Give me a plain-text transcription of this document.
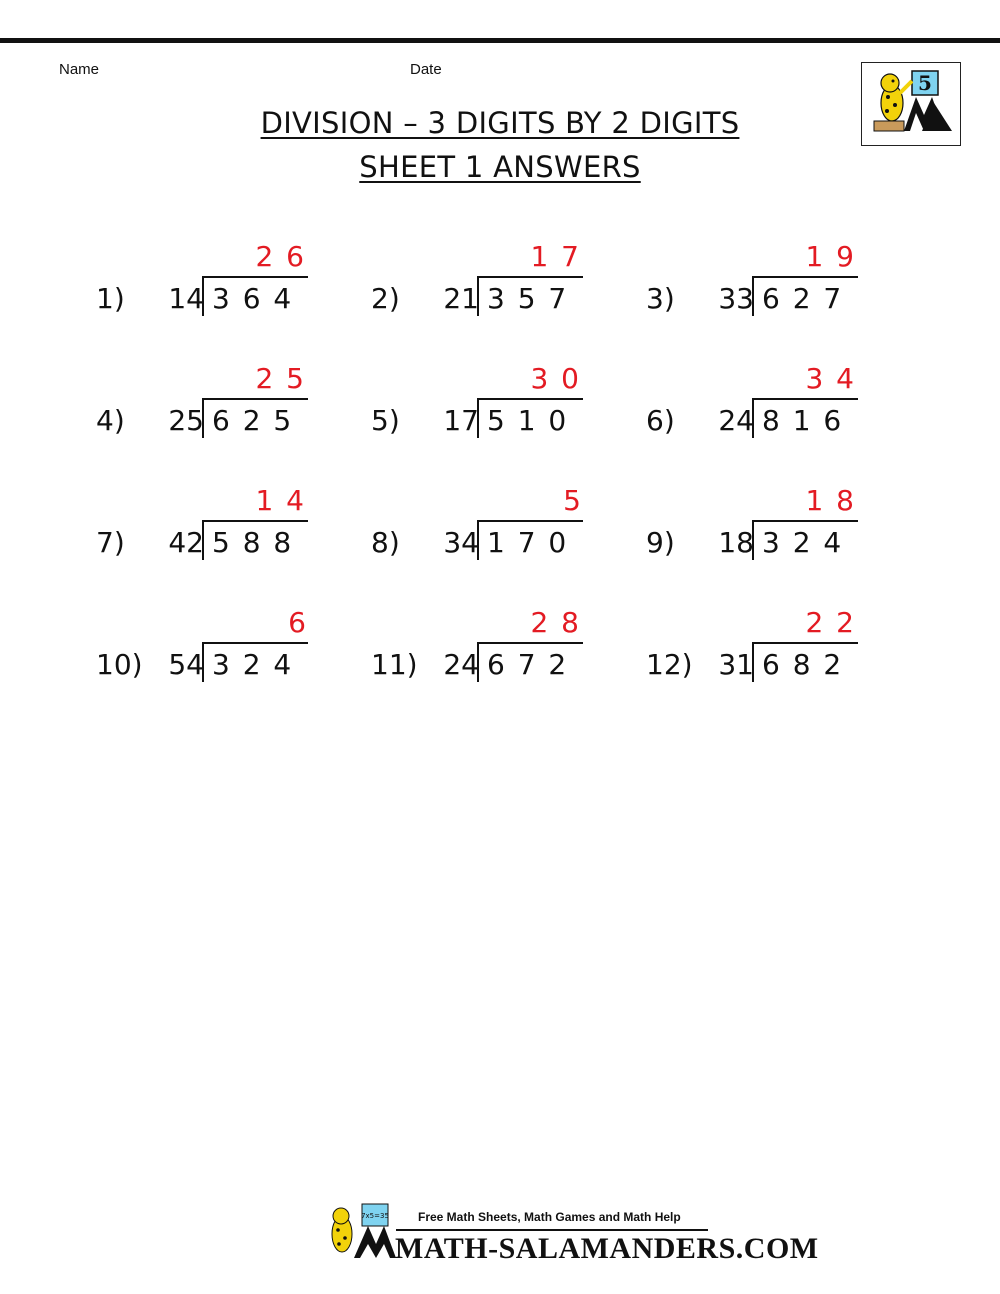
Name	Date
DIVISION – 3 DIGITS BY 2 DIGITS
SHEET 1 ANSWERS
5
1) 14 3 6 4
2 6
2) 21 3 5 7
1 7
3) 33 6 2 7
1 9
4) 25 6 2 5
2 5
5) 17 5 1 0
3 0
6) 24 8 1 6
3 4
7) 42 5 8 8
1 4
8) 34 1 7 0
5
9) 18 3 2 4
1 8
10) 54 3 2 4
6
11) 24 6 7 2
2 8
12) 31 6 8 2
2 2
7x5=35 Free Math Sheets, Math Games and Math Help
MATH-SALAMANDERS.COM
